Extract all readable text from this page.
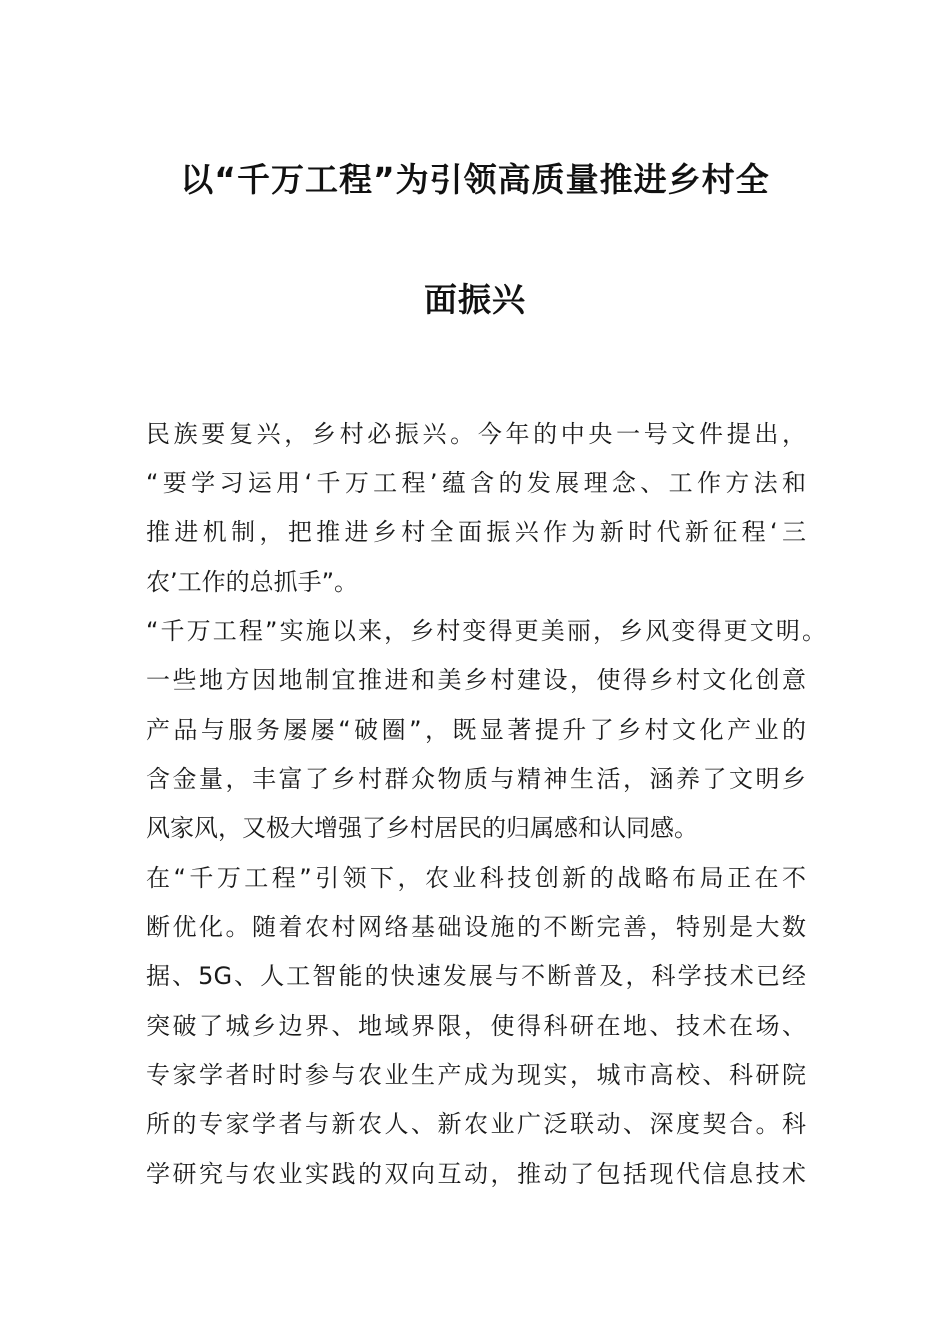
以“千万工程”为引领高质量推进乡村全
面振兴
民族要复兴，乡村必振兴。今年的中央一号文件提出，
“要学习运用‘千万工程’蕴含的发展理念、工作方法和
推进机制，把推进乡村全面振兴作为新时代新征程‘三
农’工作的总抓手”。
“千万工程”实施以来，乡村变得更美丽，乡风变得更文明。
一些地方因地制宜推进和美乡村建设，使得乡村文化创意
产品与服务屡屡“破圈”，既显著提升了乡村文化产业的
含金量，丰富了乡村群众物质与精神生活，涵养了文明乡
风家风，又极大增强了乡村居民的归属感和认同感。
在“千万工程”引领下，农业科技创新的战略布局正在不
断优化。随着农村网络基础设施的不断完善，特别是大数
据、5G、人工智能的快速发展与不断普及，科学技术已经
突破了城乡边界、地域界限，使得科研在地、技术在场、
专家学者时时参与农业生产成为现实，城市高校、科研院
所的专家学者与新农人、新农业广泛联动、深度契合。科
学研究与农业实践的双向互动，推动了包括现代信息技术
